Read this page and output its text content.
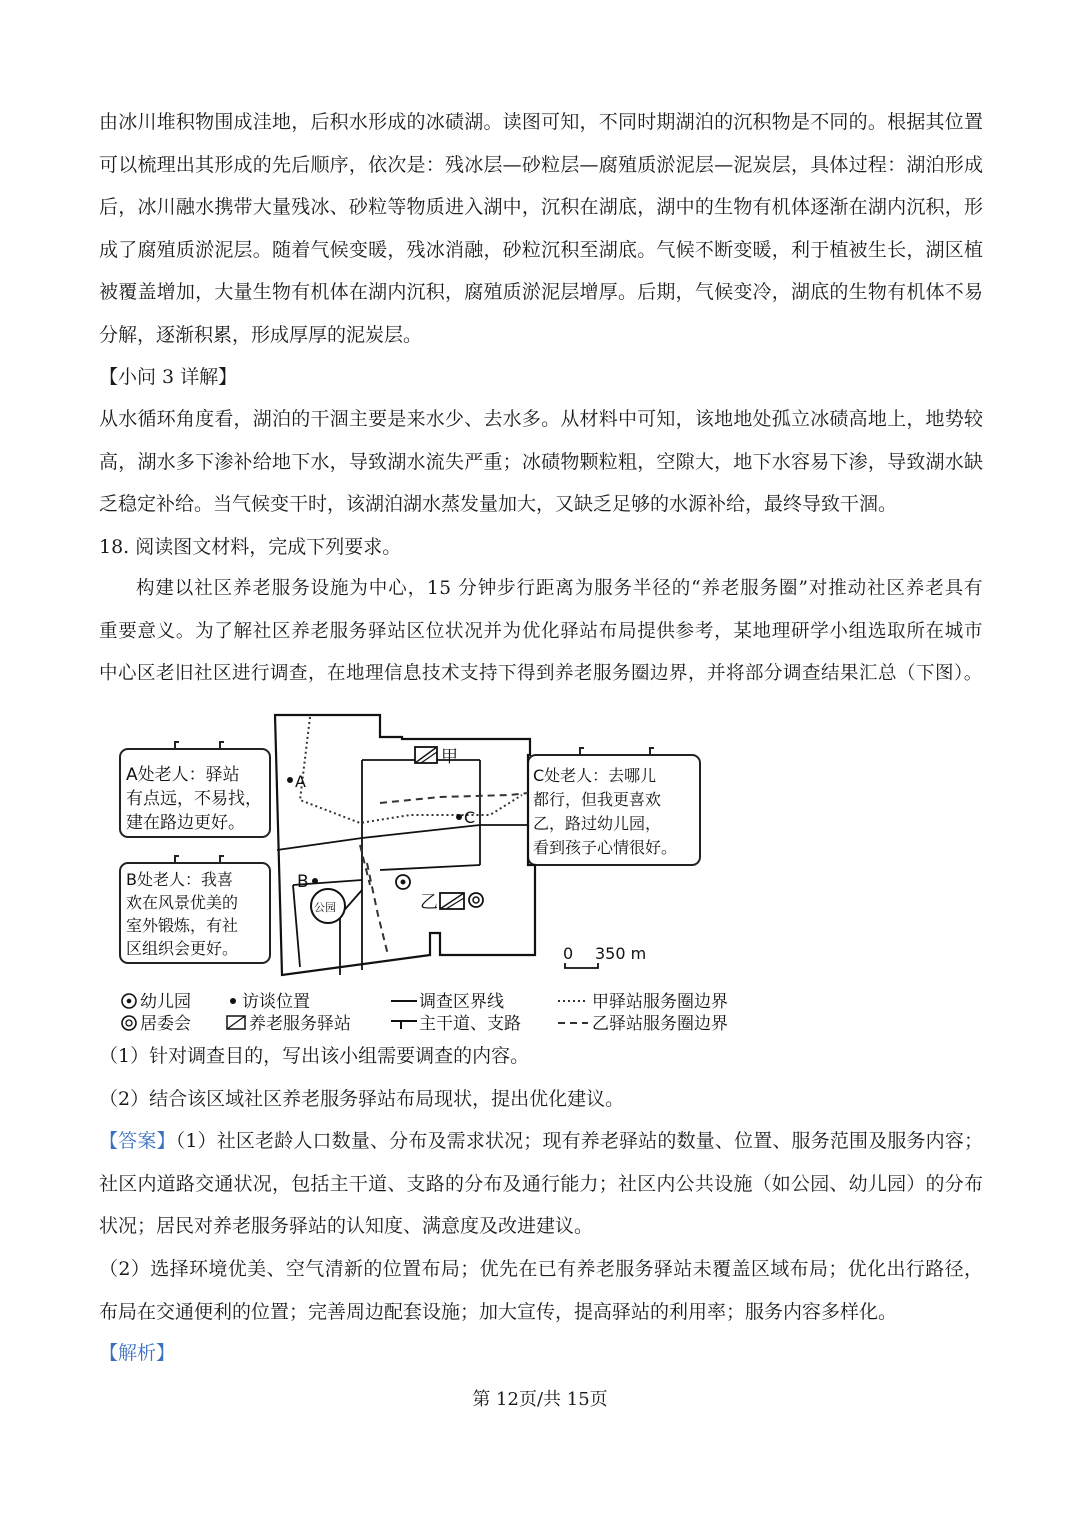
由冰川堆积物围成洼地，后积水形成的冰碛湖。读图可知，不同时期湖泊的沉积物是不同的。根据其位置可以梳理出其形成的先后顺序，依次是：残冰层—砂粒层—腐殖质淤泥层—泥炭层，具体过程：湖泊形成后，冰川融水携带大量残冰、砂粒等物质进入湖中，沉积在湖底，湖中的生物有机体逐渐在湖内沉积，形成了腐殖质淤泥层。随着气候变暖，残冰消融，砂粒沉积至湖底。气候不断变暖，利于植被生长，湖区植被覆盖增加，大量生物有机体在湖内沉积，腐殖质淤泥层增厚。后期，气候变冷，湖底的生物有机体不易分解，逐渐积累，形成厚厚的泥炭层。

【小问 3 详解】

从水循环角度看，湖泊的干涸主要是来水少、去水多。从材料中可知，该地地处孤立冰碛高地上，地势较高，湖水多下渗补给地下水，导致湖水流失严重；冰碛物颗粒粗，空隙大，地下水容易下渗，导致湖水缺乏稳定补给。当气候变干时，该湖泊湖水蒸发量加大，又缺乏足够的水源补给，最终导致干涸。

18. 阅读图文材料，完成下列要求。

构建以社区养老服务设施为中心，15 分钟步行距离为服务半径的“养老服务圈”对推动社区养老具有重要意义。为了解社区养老服务驿站区位状况并为优化驿站布局提供参考，某地理研学小组选取所在城市中心区老旧社区进行调查，在地理信息技术支持下得到养老服务圈边界，并将部分调查结果汇总（下图）。

A处老人：驿站
有点远，不易找，
建在路边更好。
B处老人：我喜
欢在风景优美的
室外锻炼，有社
区组织会更好。
C处老人：去哪儿
都行，但我更喜欢
乙，路过幼儿园，
看到孩子心情很好。
甲
乙
公园
A
B
C
0 350 m
幼儿园
居委会
访谈位置
养老服务驿站
调查区界线
主干道、支路
甲驿站服务圈边界
乙驿站服务圈边界

（1）针对调查目的，写出该小组需要调查的内容。

（2）结合该区域社区养老服务驿站布局现状，提出优化建议。

【答案】（1）社区老龄人口数量、分布及需求状况；现有养老驿站的数量、位置、服务范围及服务内容；社区内道路交通状况，包括主干道、支路的分布及通行能力；社区内公共设施（如公园、幼儿园）的分布状况；居民对养老服务驿站的认知度、满意度及改进建议。

（2）选择环境优美、空气清新的位置布局；优先在已有养老服务驿站未覆盖区域布局；优化出行路径，布局在交通便利的位置；完善周边配套设施；加大宣传，提高驿站的利用率；服务内容多样化。

【解析】

第 12页/共 15页
